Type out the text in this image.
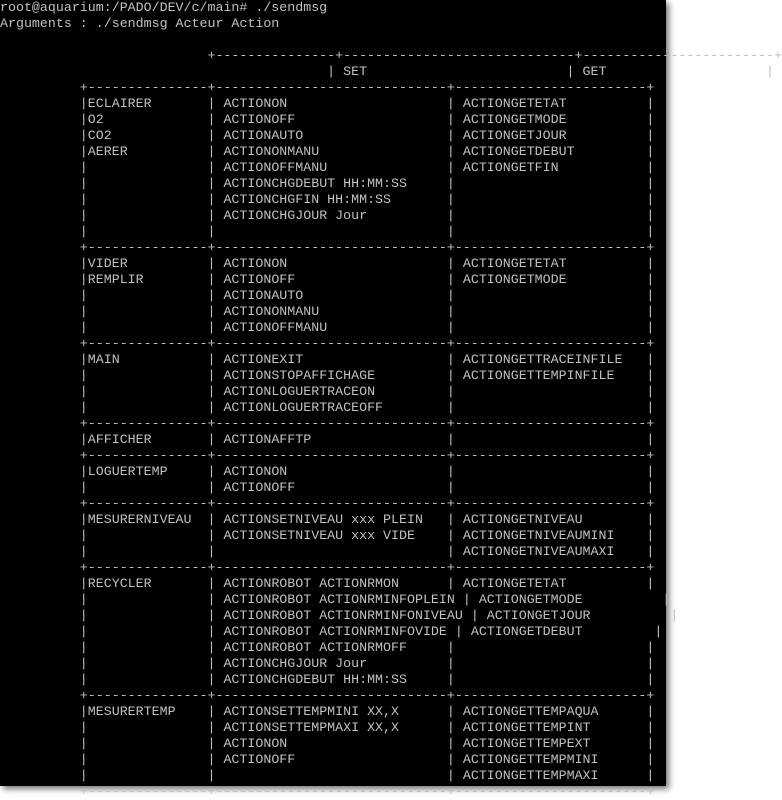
root@aquarium:/PADO/DEV/c/main# ./sendmsg
Arguments : ./sendmsg Acteur Action
+---------------+-----------------------------+------------------------+
| SET                         | GET                    |
+---------------+-----------------------------+------------------------+
|ECLAIRER       | ACTIONON                    | ACTIONGETETAT          |
|O2             | ACTIONOFF                   | ACTIONGETMODE          |
|CO2            | ACTIONAUTO                  | ACTIONGETJOUR          |
|AERER          | ACTIONONMANU                | ACTIONGETDEBUT         |
|	| ACTIONOFFMANU               | ACTIONGETFIN           |
|	| ACTIONCHGDEBUT HH:MM:SS     |	|
|	| ACTIONCHGFIN HH:MM:SS       |	|
|	| ACTIONCHGJOUR Jour          |	|
|	|	|	|
+---------------+-----------------------------+------------------------+
|VIDER          | ACTIONON                    | ACTIONGETETAT          |
|REMPLIR        | ACTIONOFF                   | ACTIONGETMODE          |
|	| ACTIONAUTO                  |	|
|	| ACTIONONMANU                |	|
|	| ACTIONOFFMANU               |	|
+---------------+-----------------------------+------------------------+
|MAIN           | ACTIONEXIT                  | ACTIONGETTRACEINFILE   |
|	| ACTIONSTOPAFFICHAGE         | ACTIONGETTEMPINFILE    |
|	| ACTIONLOGUERTRACEON         |	|
|	| ACTIONLOGUERTRACEOFF        |	|
+---------------+-----------------------------+------------------------+
|AFFICHER       | ACTIONAFFTP                 |	|
+---------------+-----------------------------+------------------------+
|LOGUERTEMP     | ACTIONON                    |	|
|	| ACTIONOFF                   |	|
+---------------+-----------------------------+------------------------+
|MESURERNIVEAU  | ACTIONSETNIVEAU xxx PLEIN   | ACTIONGETNIVEAU        |
|	| ACTIONSETNIVEAU xxx VIDE    | ACTIONGETNIVEAUMINI    |
|	|	| ACTIONGETNIVEAUMAXI    |
+---------------+-----------------------------+------------------------+
|RECYCLER       | ACTIONROBOT ACTIONRMON      | ACTIONGETETAT          |
|	| ACTIONROBOT ACTIONRMINFOPLEIN | ACTIONGETMODE          |
|	| ACTIONROBOT ACTIONRMINFONIVEAU | ACTIONGETJOUR          |
|	| ACTIONROBOT ACTIONRMINFOVIDE | ACTIONGETDEBUT         |
|	| ACTIONROBOT ACTIONRMOFF     |	|
|	| ACTIONCHGJOUR Jour          |	|
|	| ACTIONCHGDEBUT HH:MM:SS     |	|
+---------------+-----------------------------+------------------------+
|MESURERTEMP    | ACTIONSETTEMPMINI XX,X      | ACTIONGETTEMPAQUA      |
|	| ACTIONSETTEMPMAXI XX,X      | ACTIONGETTEMPINT       |
|	| ACTIONON                    | ACTIONGETTEMPEXT       |
|	| ACTIONOFF                   | ACTIONGETTEMPMINI      |
|	|	| ACTIONGETTEMPMAXI      |
+---------------+-----------------------------+------------------------+
